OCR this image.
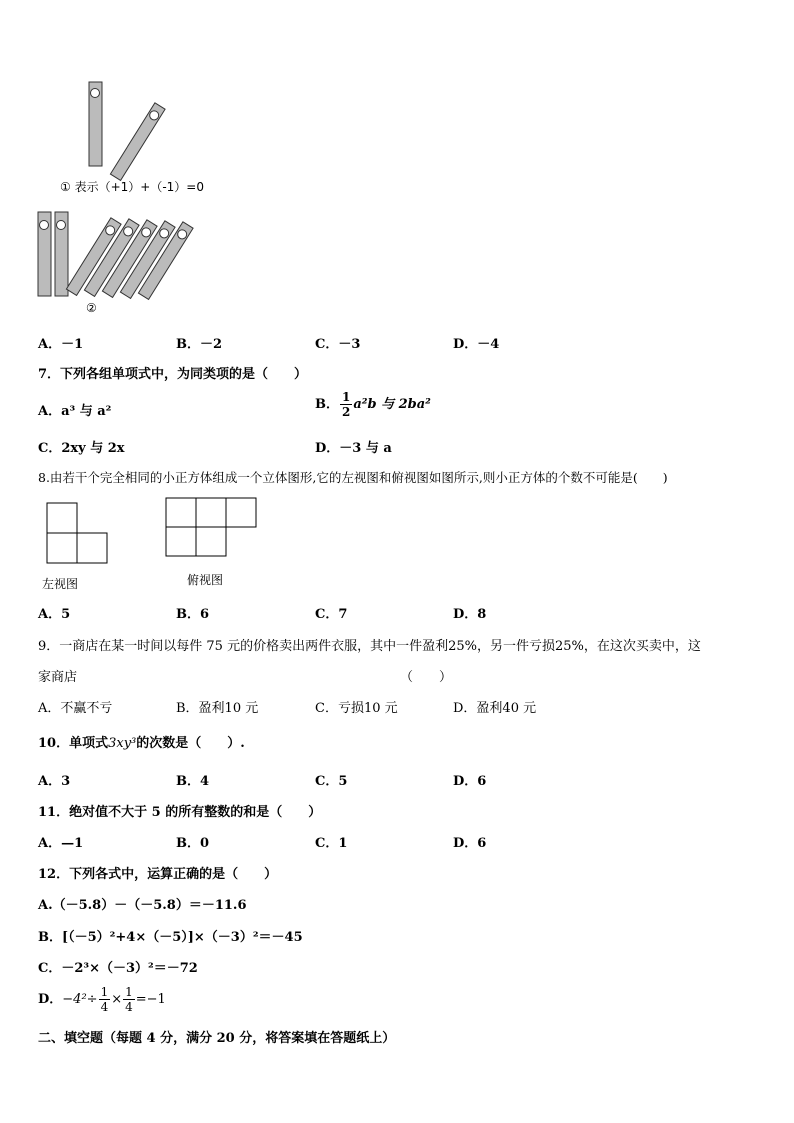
① 表示（+1）+（-1）=0
②
A．－1	B．－2	C．－3	D．－4
7．下列各组单项式中，为同类项的是（　　）
A．a³ 与 a²	B． $\frac{1}{2} a^2b$ 与 2ba²
C．2xy 与 2x	D．－3 与 a
8.由若干个完全相同的小正方体组成一个立体图形,它的左视图和俯视图如图所示,则小正方体的个数不可能是(　　)
左视图	俯视图
A．5	B．6	C．7	D．8
9．一商店在某一时间以每件 75 元的价格卖出两件衣服，其中一件盈利25%，另一件亏损25%，在这次买卖中，这
家商店	（　　）
A．不赢不亏	B．盈利10 元	C．亏损10 元	D．盈利40 元
10．单项式3xy³的次数是（　　）.
A．3	B．4	C．5	D．6
11．绝对值不大于 5 的所有整数的和是（　　）
A．—1	B．0	C．1	D．6
12．下列各式中，运算正确的是（　　）
A.（－5.8）－（－5.8）＝－11.6
B．[（－5）²+4×（－5）]×（－3）²＝－45
C．－2³×（－3）²＝－72
D．$-4^2\div \frac{1}{4} \times \frac{1}{4} =-1$
二、填空题（每题 4 分，满分 20 分，将答案填在答题纸上）
